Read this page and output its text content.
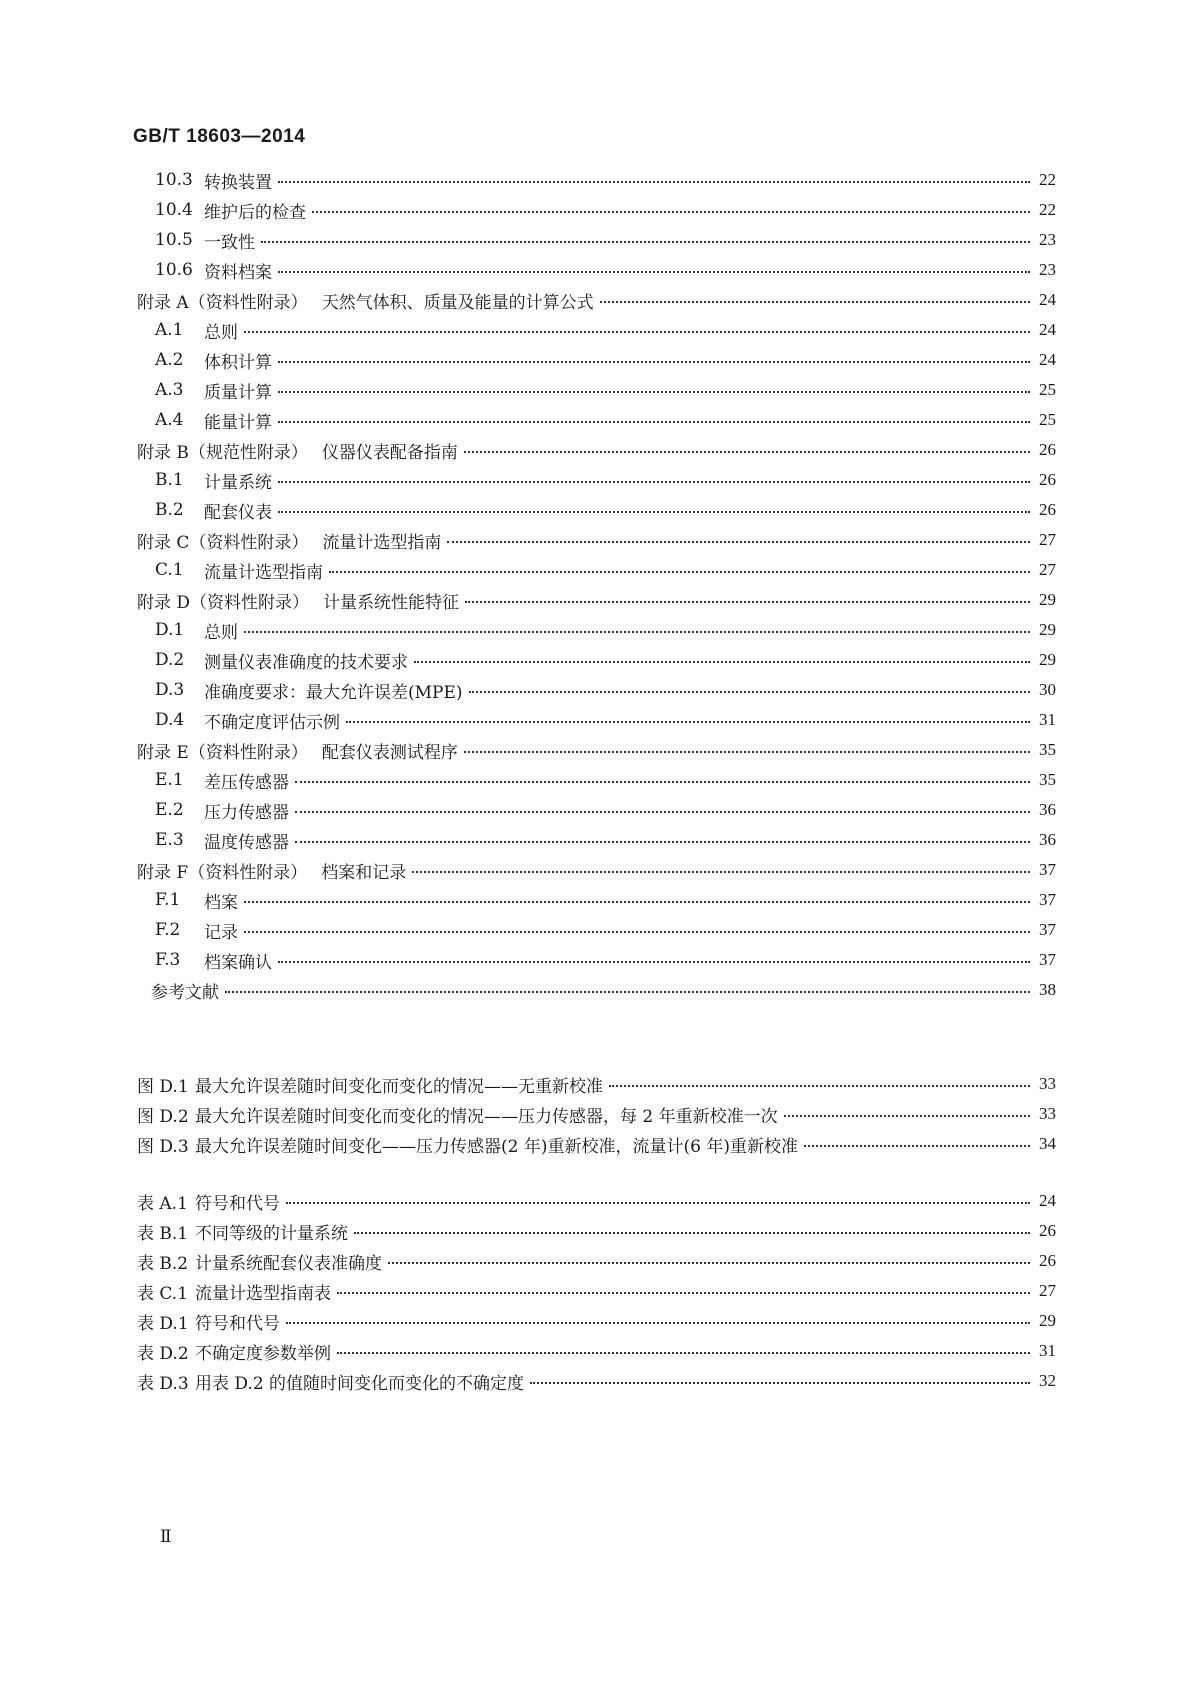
GB/T 18603—2014
10.3 转换装置	22
10.4 维护后的检查	22
10.5 一致性	23
10.6 资料档案	23
附录 A（资料性附录） 天然气体积、质量及能量的计算公式	24
A.1	总则	24
A.2	体积计算	24
A.3	质量计算	25
A.4	能量计算	25
附录 B（规范性附录） 仪器仪表配备指南	26
B.1	计量系统	26
B.2	配套仪表	26
附录 C（资料性附录） 流量计选型指南	27
C.1	流量计选型指南	27
附录 D（资料性附录） 计量系统性能特征	29
D.1	总则	29
D.2	测量仪表准确度的技术要求	29
D.3	准确度要求：最大允许误差(MPE)	30
D.4	不确定度评估示例	31
附录 E（资料性附录） 配套仪表测试程序	35
E.1	差压传感器	35
E.2	压力传感器	36
E.3	温度传感器	36
附录 F（资料性附录） 档案和记录	37
F.1	档案	37
F.2	记录	37
F.3	档案确认	37
参考文献	38
图 D.1 最大允许误差随时间变化而变化的情况——无重新校准	33
图 D.2 最大允许误差随时间变化而变化的情况——压力传感器，每 2 年重新校准一次	33
图 D.3 最大允许误差随时间变化——压力传感器(2 年)重新校准，流量计(6 年)重新校准	34
表 A.1 符号和代号	24
表 B.1 不同等级的计量系统	26
表 B.2 计量系统配套仪表准确度	26
表 C.1 流量计选型指南表	27
表 D.1 符号和代号	29
表 D.2 不确定度参数举例	31
表 D.3 用表 D.2 的值随时间变化而变化的不确定度	32
Ⅱ
